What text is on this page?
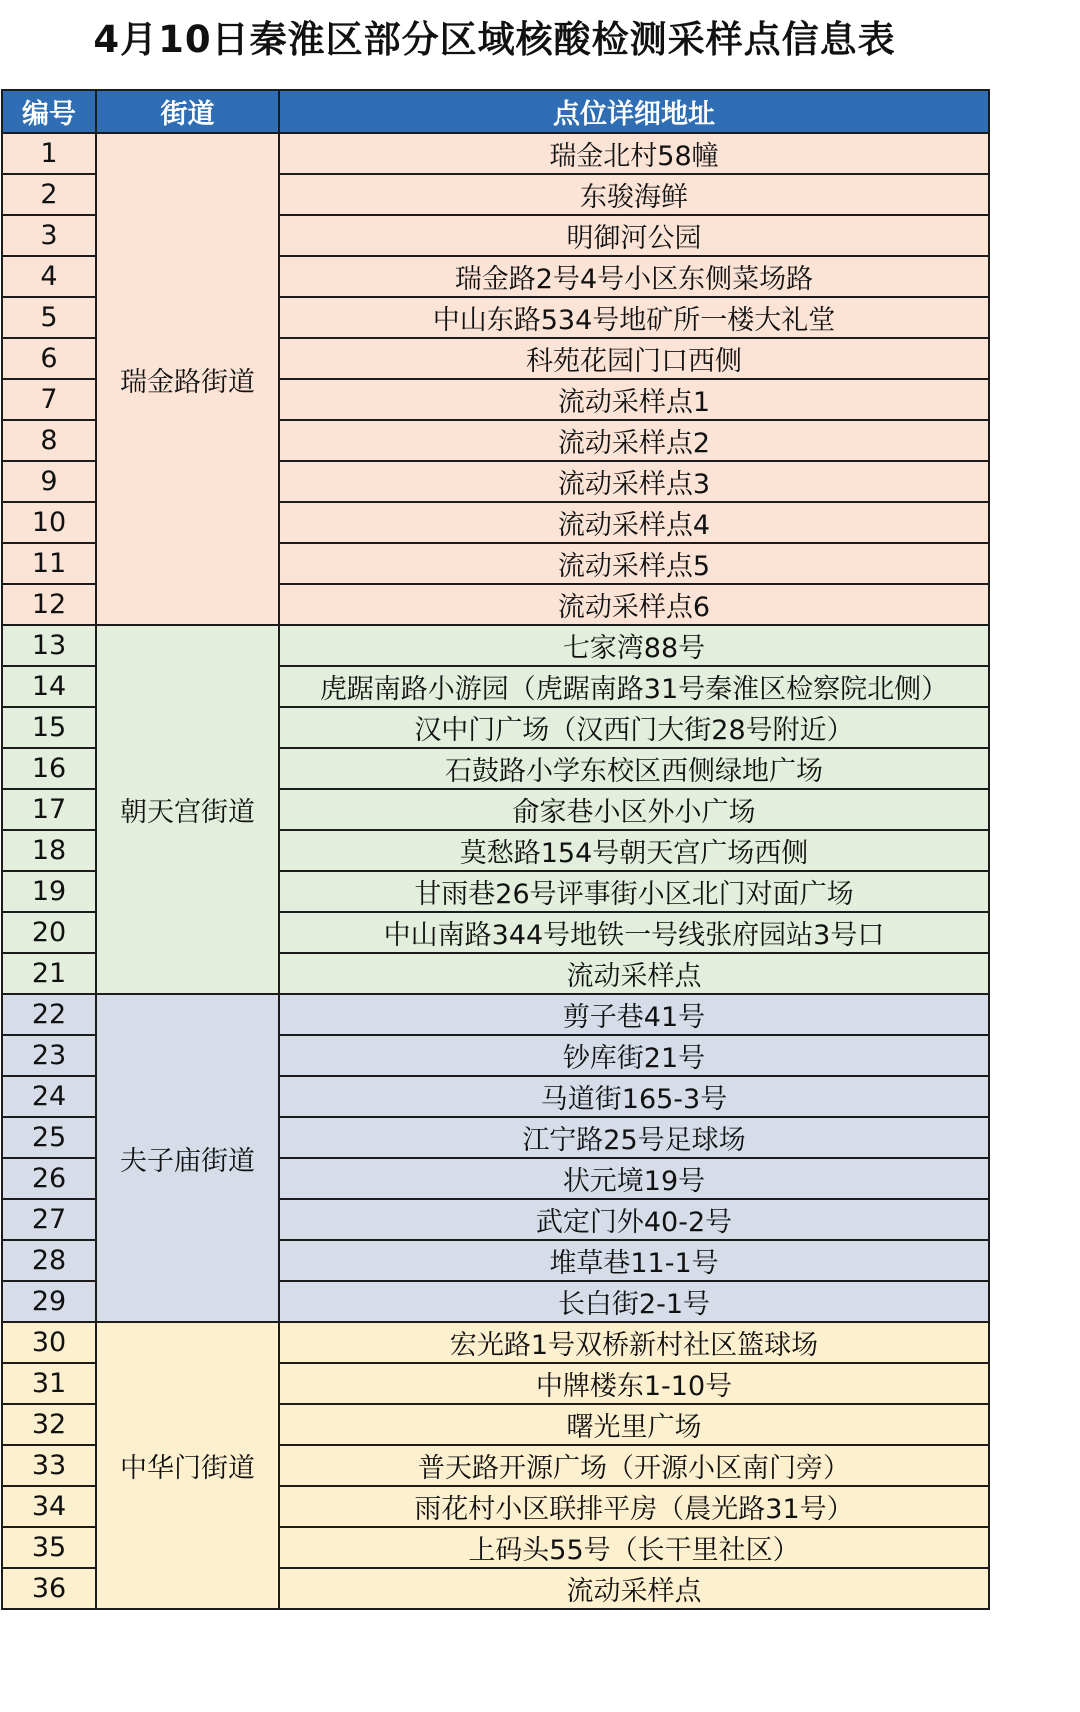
4月10日秦淮区部分区域核酸检测采样点信息表
编号	街道	点位详细地址
1	瑞金路街道	瑞金北村58幢
2		东骏海鲜
3		明御河公园
4		瑞金路2号4号小区东侧菜场路
5		中山东路534号地矿所一楼大礼堂
6		科苑花园门口西侧
7		流动采样点1
8		流动采样点2
9		流动采样点3
10		流动采样点4
11		流动采样点5
12		流动采样点6
13	朝天宫街道	七家湾88号
14		虎踞南路小游园（虎踞南路31号秦淮区检察院北侧）
15		汉中门广场（汉西门大街28号附近）
16		石鼓路小学东校区西侧绿地广场
17		俞家巷小区外小广场
18		莫愁路154号朝天宫广场西侧
19		甘雨巷26号评事街小区北门对面广场
20		中山南路344号地铁一号线张府园站3号口
21		流动采样点
22	夫子庙街道	剪子巷41号
23		钞库街21号
24		马道街165-3号
25		江宁路25号足球场
26		状元境19号
27		武定门外40-2号
28		堆草巷11-1号
29		长白街2-1号
30	中华门街道	宏光路1号双桥新村社区篮球场
31		中牌楼东1-10号
32		曙光里广场
33		普天路开源广场（开源小区南门旁）
34		雨花村小区联排平房（晨光路31号）
35		上码头55号（长干里社区）
36		流动采样点
